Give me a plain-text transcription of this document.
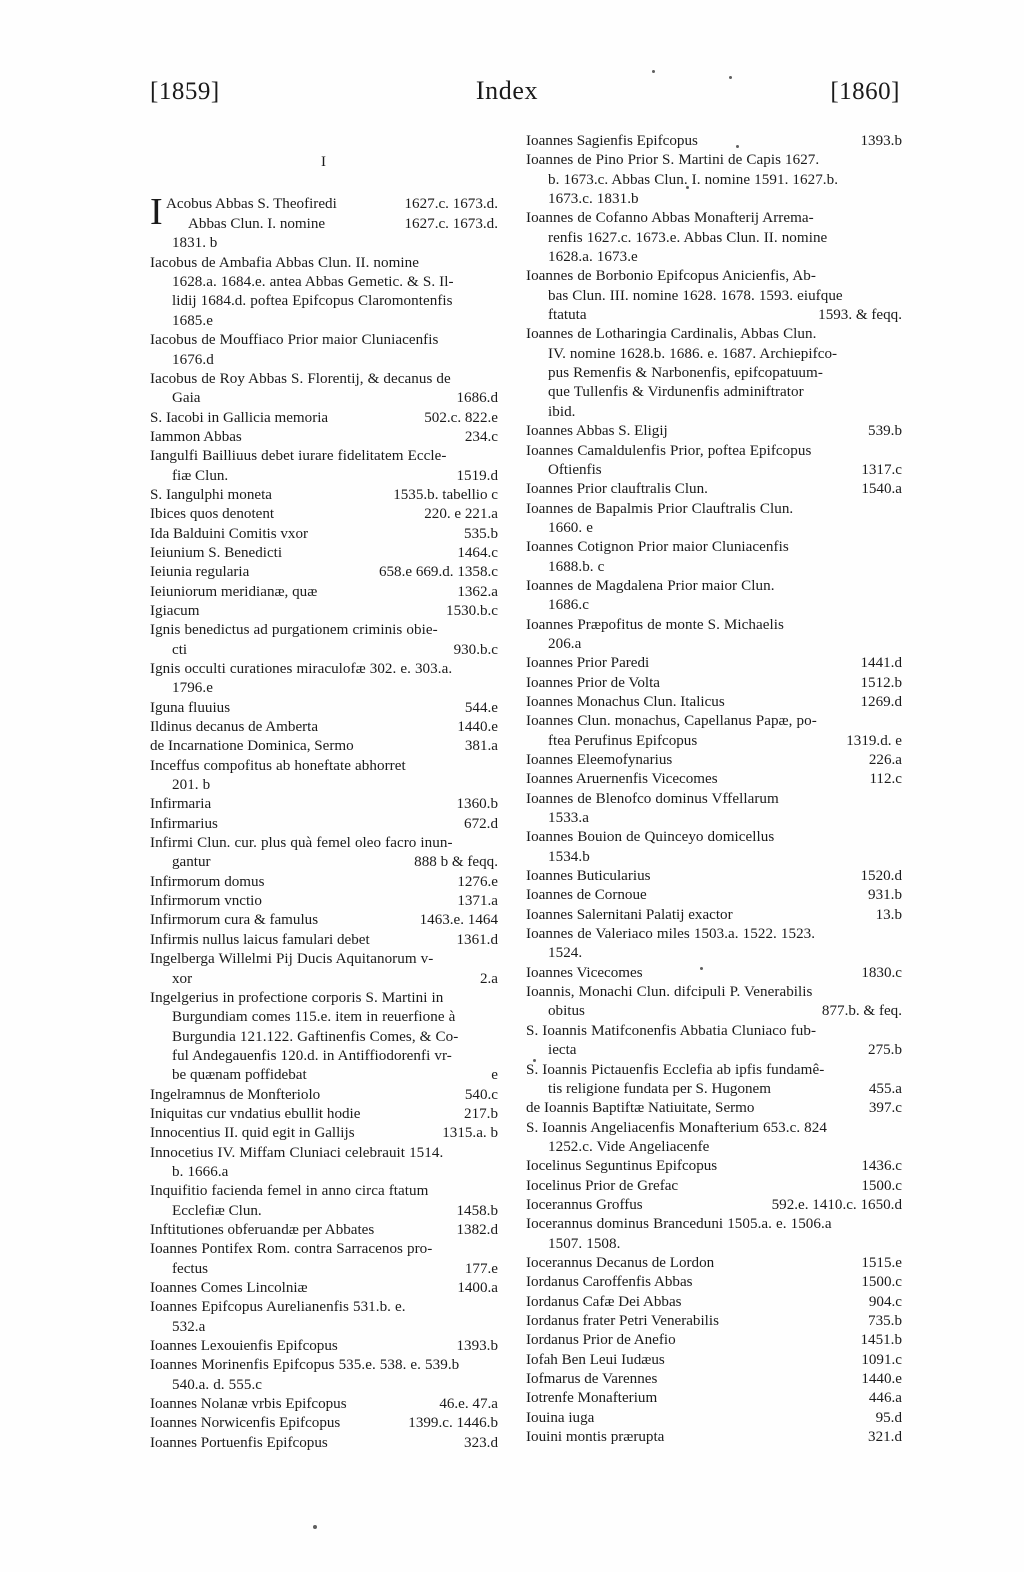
[1859]	Index	[1860]
I
I Acobus Abbas S. Theofiredi	1627.c. 1673.d.
Abbas Clun. I. nomine	1627.c. 1673.d.
1831. b
Iacobus de Ambafia Abbas Clun. II. nomine
1628.a. 1684.e. antea Abbas Gemetic. & S. Il-
lidij 1684.d. poftea Epifcopus Claromontenfis
1685.e
Iacobus de Mouffiaco Prior maior Cluniacenfis
1676.d
Iacobus de Roy Abbas S. Florentij, & decanus de
Gaia	1686.d
S. Iacobi in Gallicia memoria	502.c. 822.e
Iammon Abbas	234.c
Iangulfi Bailliuus debet iurare fidelitatem Eccle-
fiæ Clun.	1519.d
S. Iangulphi moneta	1535.b. tabellio c
Ibices quos denotent	220. e 221.a
Ida Balduini Comitis vxor	535.b
Ieiunium S. Benedicti	1464.c
Ieiunia regularia	658.e 669.d. 1358.c
Ieiuniorum meridianæ, quæ	1362.a
Igiacum	1530.b.c
Ignis benedictus ad purgationem criminis obie-
cti	930.b.c
Ignis occulti curationes miraculofæ 302. e. 303.a.
1796.e
Iguna fluuius	544.e
Ildinus decanus de Amberta	1440.e
de Incarnatione Dominica, Sermo	381.a
Inceffus compofitus ab honeftate abhorret
201. b
Infirmaria	1360.b
Infirmarius	672.d
Infirmi Clun. cur. plus quà femel oleo facro inun-
gantur	888 b & feqq.
Infirmorum domus	1276.e
Infirmorum vnctio	1371.a
Infirmorum cura & famulus	1463.e. 1464
Infirmis nullus laicus famulari debet	1361.d
Ingelberga Willelmi Pij Ducis Aquitanorum v-
xor	2.a
Ingelgerius in profectione corporis S. Martini in
Burgundiam comes 115.e. item in reuerfione à
Burgundia 121.122. Gaftinenfis Comes, & Co-
ful Andegauenfis 120.d. in Antiffiodorenfi vr-
be quænam poffidebat	e
Ingelramnus de Monfteriolo	540.c
Iniquitas cur vndatius ebullit hodie	217.b
Innocentius II. quid egit in Gallijs	1315.a. b
Innocetius IV. Miffam Cluniaci celebrauit 1514.
b. 1666.a
Inquifitio facienda femel in anno circa ftatum
Ecclefiæ Clun.	1458.b
Inftitutiones obferuandæ per Abbates	1382.d
Ioannes Pontifex Rom. contra Sarracenos pro-
fectus	177.e
Ioannes Comes Lincolniæ	1400.a
Ioannes Epifcopus Aurelianenfis 531.b. e.
532.a
Ioannes Lexouienfis Epifcopus	1393.b
Ioannes Morinenfis Epifcopus 535.e. 538. e. 539.b
540.a. d. 555.c
Ioannes Nolanæ vrbis Epifcopus	46.e. 47.a
Ioannes Norwicenfis Epifcopus	1399.c. 1446.b
Ioannes Portuenfis Epifcopus	323.d
Ioannes Sagienfis Epifcopus	1393.b
Ioannes de Pino Prior S. Martini de Capis 1627.
b. 1673.c. Abbas Clun. I. nomine 1591. 1627.b.
1673.c. 1831.b
Ioannes de Cofanno Abbas Monafterij Arrema-
renfis 1627.c. 1673.e. Abbas Clun. II. nomine
1628.a. 1673.e
Ioannes de Borbonio Epifcopus Anicienfis, Ab-
bas Clun. III. nomine 1628. 1678. 1593. eiufque
ftatuta	1593. & feqq.
Ioannes de Lotharingia Cardinalis, Abbas Clun.
IV. nomine 1628.b. 1686. e. 1687. Archiepifco-
pus Remenfis & Narbonenfis, epifcopatuum-
que Tullenfis & Virdunenfis adminiftrator
ibid.
Ioannes Abbas S. Eligij	539.b
Ioannes Camaldulenfis Prior, poftea Epifcopus
Oftienfis	1317.c
Ioannes Prior clauftralis Clun.	1540.a
Ioannes de Bapalmis Prior Clauftralis Clun.
1660. e
Ioannes Cotignon Prior maior Cluniacenfis
1688.b. c
Ioannes de Magdalena Prior maior Clun.
1686.c
Ioannes Præpofitus de monte S. Michaelis
206.a
Ioannes Prior Paredi	1441.d
Ioannes Prior de Volta	1512.b
Ioannes Monachus Clun. Italicus	1269.d
Ioannes Clun. monachus, Capellanus Papæ, po-
ftea Perufinus Epifcopus	1319.d. e
Ioannes Eleemofynarius	226.a
Ioannes Aruernenfis Vicecomes	112.c
Ioannes de Blenofco dominus Vffellarum
1533.a
Ioannes Bouion de Quinceyo domicellus
1534.b
Ioannes Buticularius	1520.d
Ioannes de Cornoue	931.b
Ioannes Salernitani Palatij exactor	13.b
Ioannes de Valeriaco miles 1503.a. 1522. 1523.
1524.
Ioannes Vicecomes	1830.c
Ioannis, Monachi Clun. difcipuli P. Venerabilis
obitus	877.b. & feq.
S. Ioannis Matifconenfis Abbatia Cluniaco fub-
iecta	275.b
S. Ioannis Pictauenfis Ecclefia ab ipfis fundamê-
tis religione fundata per S. Hugonem	455.a
de Ioannis Baptiftæ Natiuitate, Sermo	397.c
S. Ioannis Angeliacenfis Monafterium 653.c. 824
1252.c. Vide Angeliacenfe
Iocelinus Seguntinus Epifcopus	1436.c
Iocelinus Prior de Grefac	1500.c
Iocerannus Groffus	592.e. 1410.c. 1650.d
Iocerannus dominus Branceduni 1505.a. e. 1506.a
1507. 1508.
Iocerannus Decanus de Lordon	1515.e
Iordanus Caroffenfis Abbas	1500.c
Iordanus Cafæ Dei Abbas	904.c
Iordanus frater Petri Venerabilis	735.b
Iordanus Prior de Anefio	1451.b
Iofah Ben Leui Iudæus	1091.c
Iofmarus de Varennes	1440.e
Iotrenfe Monafterium	446.a
Iouina iuga	95.d
Iouini montis prærupta	321.d
